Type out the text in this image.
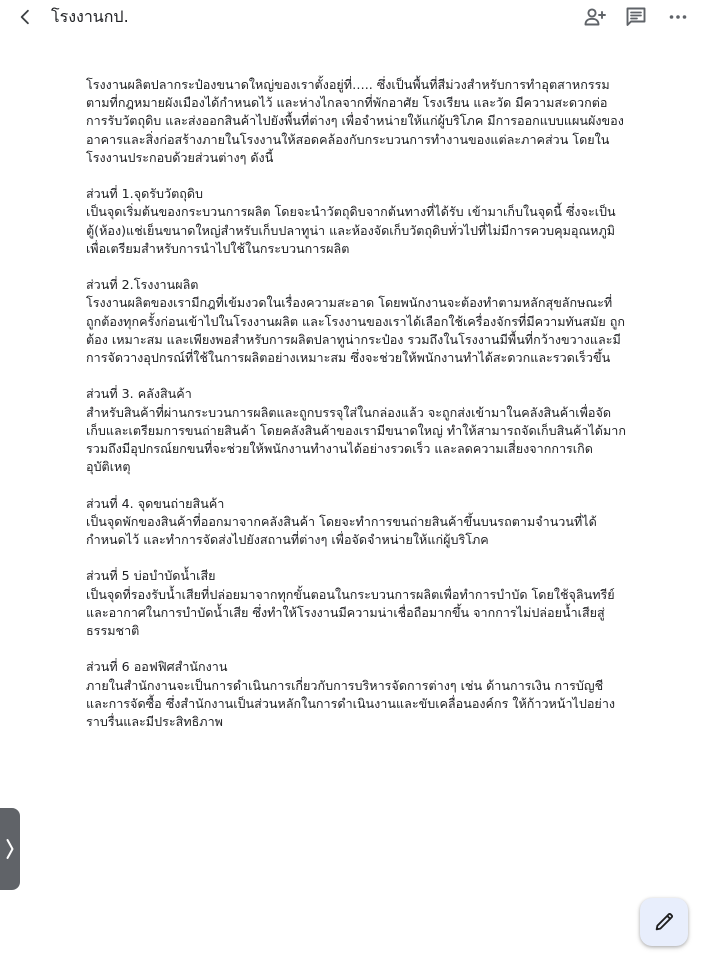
โรงงานกป.

โรงงานผลิตปลากระป๋องขนาดใหญ่ของเราตั้งอยู่ที่….. ซึ่งเป็นพื้นที่สีม่วงสำหรับการทำอุตสาหกรรม ตามที่กฎหมายผังเมืองได้กำหนดไว้ และห่างไกลจากที่พักอาศัย โรงเรียน และวัด มีความสะดวกต่อการรับวัตถุดิบ และส่งออกสินค้าไปยังพื้นที่ต่างๆ เพื่อจำหน่ายให้แก่ผู้บริโภค มีการออกแบบแผนผังของอาคารและสิ่งก่อสร้างภายในโรงงานให้สอดคล้องกับกระบวนการทำงานของแต่ละภาคส่วน โดยในโรงงานประกอบด้วยส่วนต่างๆ ดังนี้

ส่วนที่ 1.จุดรับวัตถุดิบ

เป็นจุดเริ่มต้นของกระบวนการผลิต โดยจะนำวัตถุดิบจากต้นทางที่ได้รับ เข้ามาเก็บในจุดนี้ ซึ่งจะเป็นตู้(ห้อง)แช่เย็นขนาดใหญ่สำหรับเก็บปลาทูน่า และห้องจัดเก็บวัตถุดิบทั่วไปที่ไม่มีการควบคุมอุณหภูมิ เพื่อเตรียมสำหรับการนำไปใช้ในกระบวนการผลิต

ส่วนที่ 2.โรงงานผลิต

โรงงานผลิตของเรามีกฎที่เข้มงวดในเรื่องความสะอาด โดยพนักงานจะต้องทำตามหลักสุขลักษณะที่ถูกต้องทุกครั้งก่อนเข้าไปในโรงงานผลิต และโรงงานของเราได้เลือกใช้เครื่องจักรที่มีความทันสมัย ถูกต้อง เหมาะสม และเพียงพอสำหรับการผลิตปลาทูน่ากระป๋อง รวมถึงในโรงงานมีพื้นที่กว้างขวางและมีการจัดวางอุปกรณ์ที่ใช้ในการผลิตอย่างเหมาะสม ซึ่งจะช่วยให้พนักงานทำได้สะดวกและรวดเร็วขึ้น

ส่วนที่ 3. คลังสินค้า

สำหรับสินค้าที่ผ่านกระบวนการผลิตและถูกบรรจุใส่ในกล่องแล้ว จะถูกส่งเข้ามาในคลังสินค้าเพื่อจัดเก็บและเตรียมการขนถ่ายสินค้า โดยคลังสินค้าของเรามีขนาดใหญ่ ทำให้สามารถจัดเก็บสินค้าได้มาก รวมถึงมีอุปกรณ์ยกขนที่จะช่วยให้พนักงานทำงานได้อย่างรวดเร็ว และลดความเสี่ยงจากการเกิดอุบัติเหตุ

ส่วนที่ 4. จุดขนถ่ายสินค้า

เป็นจุดพักของสินค้าที่ออกมาจากคลังสินค้า โดยจะทำการขนถ่ายสินค้าขึ้นบนรถตามจำนวนที่ได้กำหนดไว้ และทำการจัดส่งไปยังสถานที่ต่างๆ เพื่อจัดจำหน่ายให้แก่ผู้บริโภค

ส่วนที่ 5 บ่อบำบัดน้ำเสีย

เป็นจุดที่รองรับน้ำเสียที่ปล่อยมาจากทุกขั้นตอนในกระบวนการผลิตเพื่อทำการบำบัด โดยใช้จุลินทรีย์และอากาศในการบำบัดน้ำเสีย ซึ่งทำให้โรงงานมีความน่าเชื่อถือมากขึ้น จากการไม่ปล่อยน้ำเสียสู่ธรรมชาติ

ส่วนที่ 6 ออฟฟิศสำนักงาน

ภายในสำนักงานจะเป็นการดำเนินการเกี่ยวกับการบริหารจัดการต่างๆ เช่น ด้านการเงิน การบัญชี และการจัดซื้อ ซึ่งสำนักงานเป็นส่วนหลักในการดำเนินงานและขับเคลื่อนองค์กร ให้ก้าวหน้าไปอย่างราบรื่นและมีประสิทธิภาพ
